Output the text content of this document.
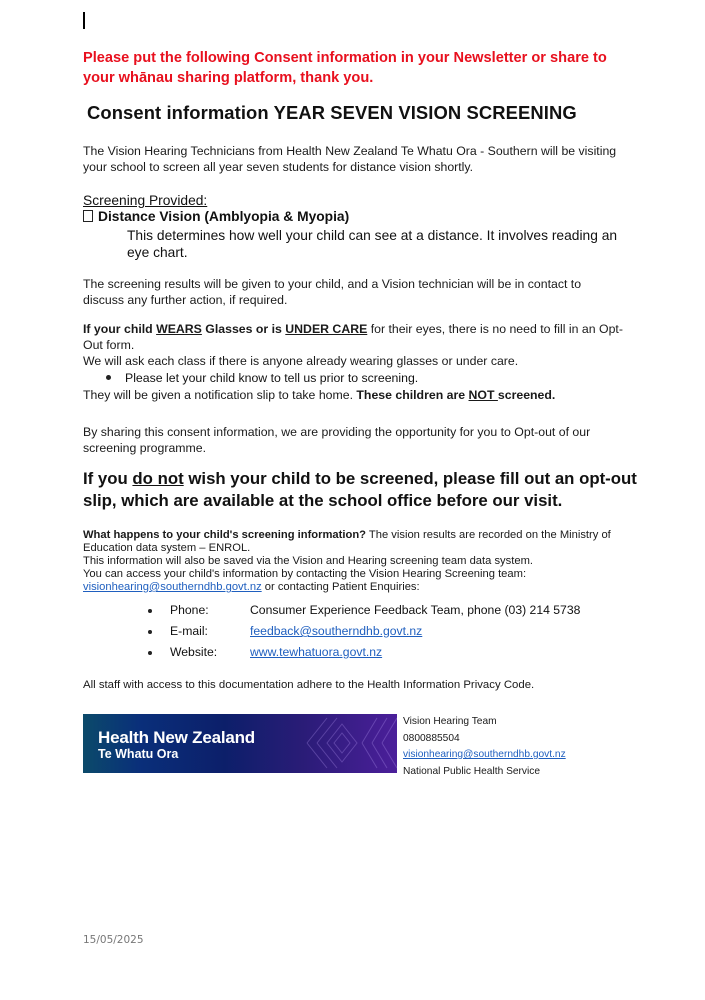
Please put the following Consent information in your Newsletter or share to your whānau sharing platform, thank you.
Consent information YEAR SEVEN VISION SCREENING
The Vision Hearing Technicians from Health New Zealand Te Whatu Ora - Southern will be visiting your school to screen all year seven students for distance vision shortly.
Screening Provided:
Distance Vision (Amblyopia & Myopia)
This determines how well your child can see at a distance. It involves reading an eye chart.
The screening results will be given to your child, and a Vision technician will be in contact to discuss any further action, if required.
If your child WEARS Glasses or is UNDER CARE for their eyes, there is no need to fill in an Opt-Out form.
We will ask each class if there is anyone already wearing glasses or under care.
Please let your child know to tell us prior to screening.
They will be given a notification slip to take home. These children are NOT screened.
By sharing this consent information, we are providing the opportunity for you to Opt-out of our screening programme.
If you do not wish your child to be screened, please fill out an opt-out slip, which are available at the school office before our visit.
What happens to your child's screening information? The vision results are recorded on the Ministry of Education data system – ENROL.
This information will also be saved via the Vision and Hearing screening team data system.
You can access your child's information by contacting the Vision Hearing Screening team:
visionhearing@southerndhb.govt.nz or contacting Patient Enquiries:
Phone:	Consumer Experience Feedback Team, phone (03) 214 5738
E-mail:	feedback@southerndhb.govt.nz
Website:	www.tewhatuora.govt.nz
All staff with access to this documentation adhere to the Health Information Privacy Code.
Health New Zealand
Te Whatu Ora
Vision Hearing Team
0800885504
visionhearing@southerndhb.govt.nz
National Public Health Service
15/05/2025
